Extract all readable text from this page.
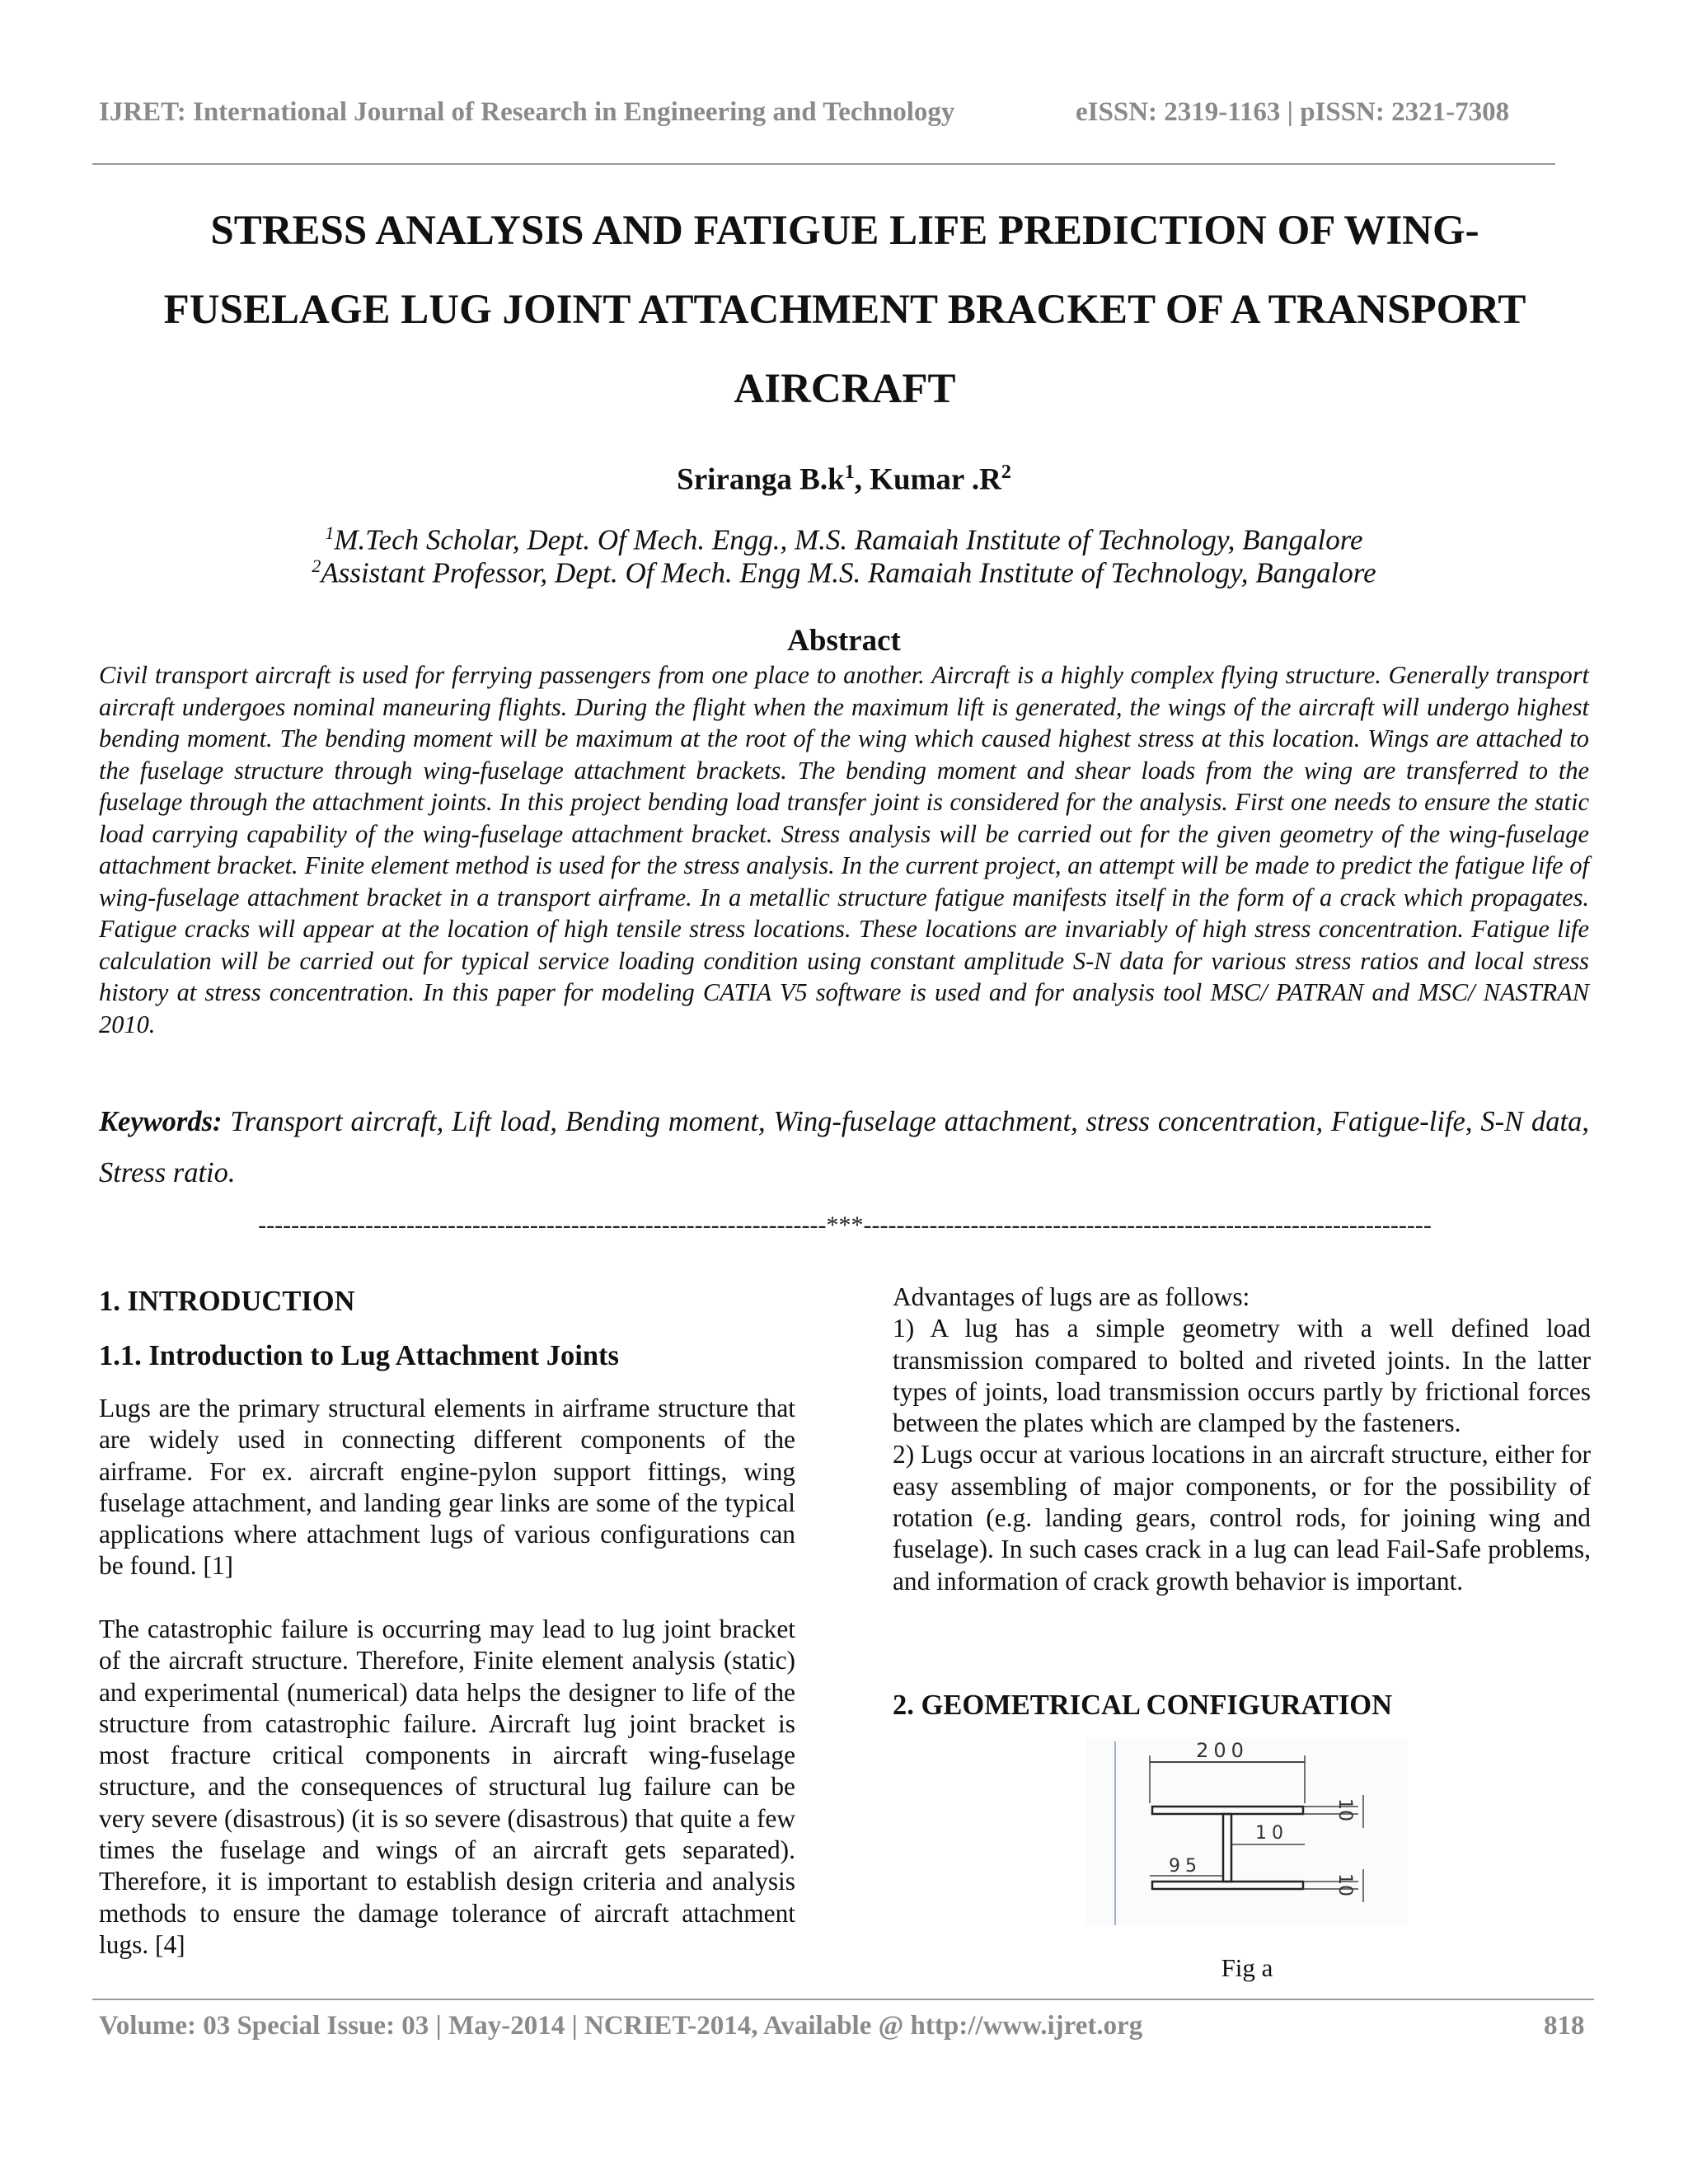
IJRET: International Journal of Research in Engineering and Technology	eISSN: 2319-1163 | pISSN: 2321-7308
STRESS ANALYSIS AND FATIGUE LIFE PREDICTION OF WING-
FUSELAGE LUG JOINT ATTACHMENT BRACKET OF A TRANSPORT
AIRCRAFT
Sriranga $B.k^1$, Kumar $.R^2$
$^1$M.Tech Scholar, Dept. Of Mech. Engg., M.S. Ramaiah Institute of Technology, Bangalore
$^2$Assistant Professor, Dept. Of Mech. Engg M.S. Ramaiah Institute of Technology, Bangalore
Abstract
Civil transport aircraft is used for ferrying passengers from one place to another. Aircraft is a highly complex flying structure. Generally transport aircraft undergoes nominal maneuring flights. During the flight when the maximum lift is generated, the wings of the aircraft will undergo highest bending moment. The bending moment will be maximum at the root of the wing which caused highest stress at this location. Wings are attached to the fuselage structure through wing-fuselage attachment brackets. The bending moment and shear loads from the wing are transferred to the fuselage through the attachment joints. In this project bending load transfer joint is considered for the analysis. First one needs to ensure the static load carrying capability of the wing-fuselage attachment bracket. Stress analysis will be carried out for the given geometry of the wing-fuselage attachment bracket. Finite element method is used for the stress analysis. In the current project, an attempt will be made to predict the fatigue life of wing-fuselage attachment bracket in a transport airframe. In a metallic structure fatigue manifests itself in the form of a crack which propagates. Fatigue cracks will appear at the location of high tensile stress locations. These locations are invariably of high stress concentration. Fatigue life calculation will be carried out for typical service loading condition using constant amplitude S-N data for various stress ratios and local stress history at stress concentration. In this paper for modeling CATIA V5 software is used and for analysis tool MSC/ PATRAN and MSC/ NASTRAN 2010.
Keywords: Transport aircraft, Lift load, Bending moment, Wing-fuselage attachment, stress concentration, Fatigue-life, S-N data, Stress ratio.
---------------------------------------------------------------------***---------------------------------------------------------------------
1. INTRODUCTION
1.1. Introduction to Lug Attachment Joints

Lugs are the primary structural elements in airframe structure that are widely used in connecting different components of the airframe. For ex. aircraft engine-pylon support fittings, wing fuselage attachment, and landing gear links are some of the typical applications where attachment lugs of various configurations can be found. [1]

The catastrophic failure is occurring may lead to lug joint bracket of the aircraft structure. Therefore, Finite element analysis (static) and experimental (numerical) data helps the designer to life of the structure from catastrophic failure. Aircraft lug joint bracket is most fracture critical components in aircraft wing-fuselage structure, and the consequences of structural lug failure can be very severe (disastrous) (it is so severe (disastrous) that quite a few times the fuselage and wings of an aircraft gets separated). Therefore, it is important to establish design criteria and analysis methods to ensure the damage tolerance of aircraft attachment lugs. [4]

Advantages of lugs are as follows:

1) A lug has a simple geometry with a well defined load transmission compared to bolted and riveted joints. In the latter types of joints, load transmission occurs partly by frictional forces between the plates which are clamped by the fasteners.

2) Lugs occur at various locations in an aircraft structure, either for easy assembling of major components, or for the possibility of rotation (e.g. landing gears, control rods, for joining wing and fuselage). In such cases crack in a lug can lead Fail-Safe problems, and information of crack growth behavior is important.

2. GEOMETRICAL CONFIGURATION
200
10
10
95
10
Fig a
Volume: 03 Special Issue: 03 | May-2014 | NCRIET-2014, Available @ http://www.ijret.org	818
